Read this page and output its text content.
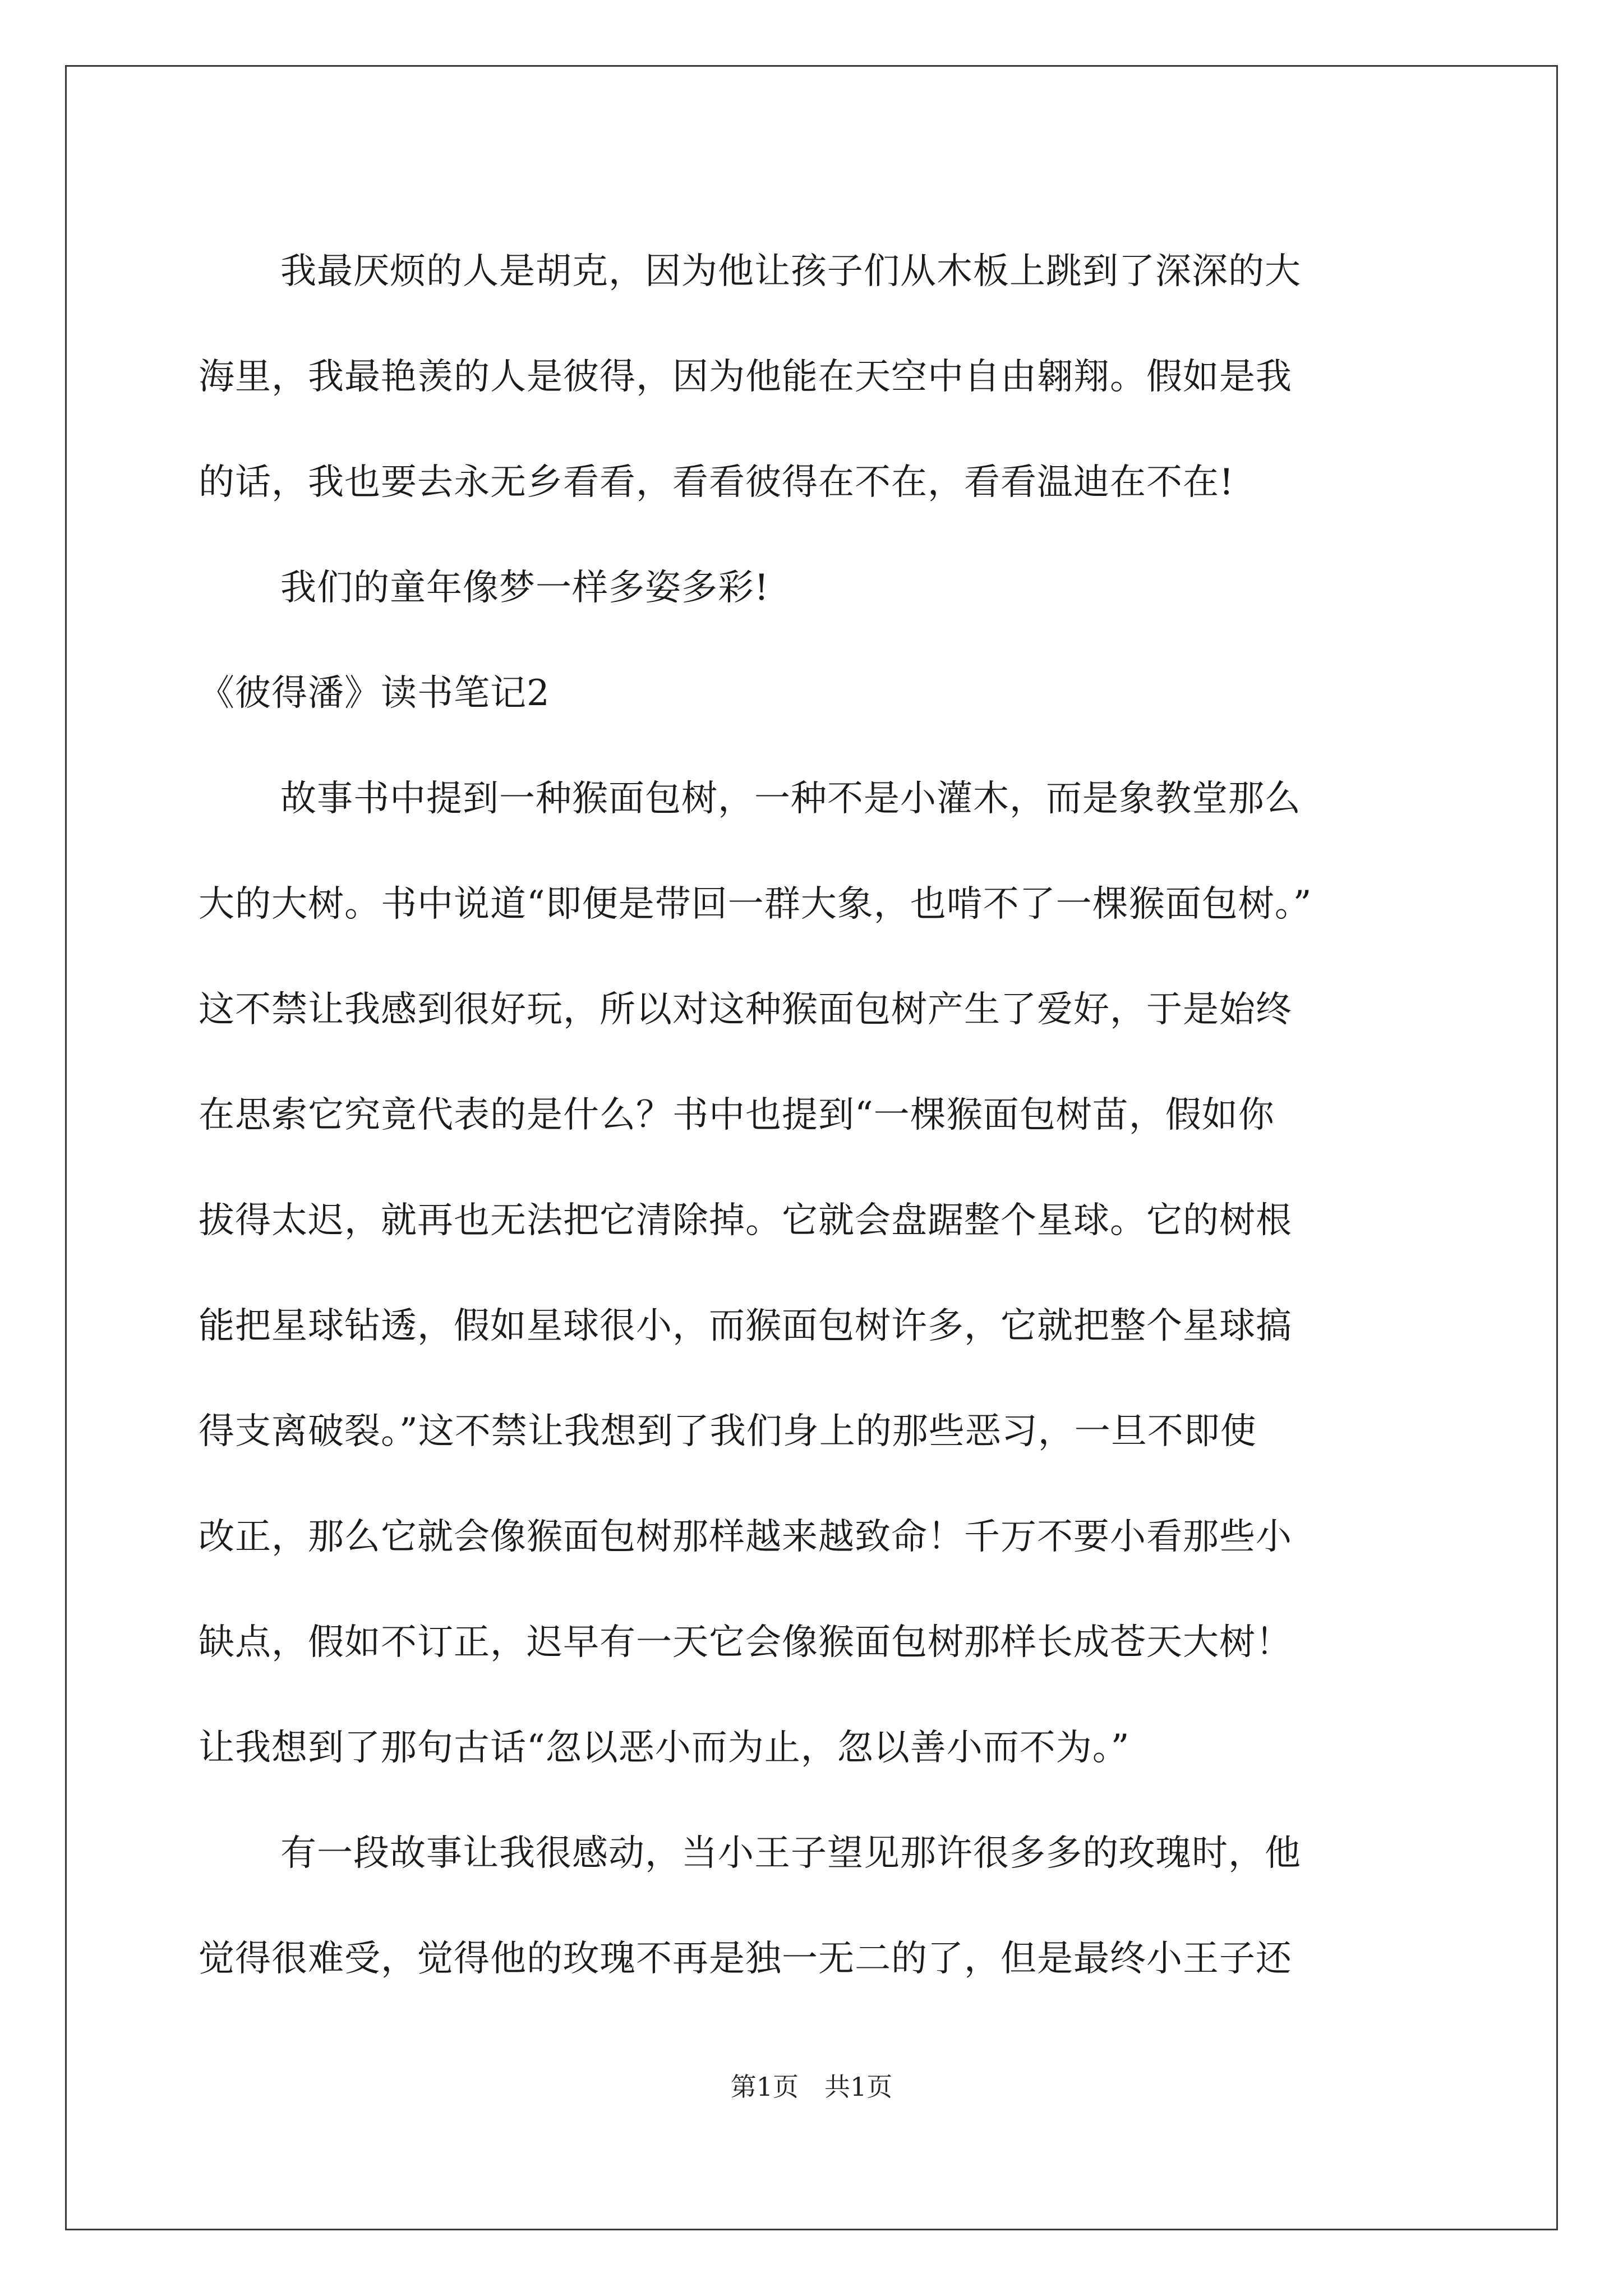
我最厌烦的人是胡克，因为他让孩子们从木板上跳到了深深的大
海里，我最艳羡的人是彼得，因为他能在天空中自由翱翔。假如是我
的话，我也要去永无乡看看，看看彼得在不在，看看温迪在不在!
我们的童年像梦一样多姿多彩!
《彼得潘》读书笔记2
故事书中提到一种猴面包树，一种不是小灌木，而是象教堂那么
大的大树。书中说道“即便是带回一群大象，也啃不了一棵猴面包树。”
这不禁让我感到很好玩，所以对这种猴面包树产生了爱好，于是始终
在思索它究竟代表的是什么？书中也提到“一棵猴面包树苗，假如你
拔得太迟，就再也无法把它清除掉。它就会盘踞整个星球。它的树根
能把星球钻透，假如星球很小，而猴面包树许多，它就把整个星球搞
得支离破裂。”这不禁让我想到了我们身上的那些恶习，一旦不即使
改正，那么它就会像猴面包树那样越来越致命！千万不要小看那些小
缺点，假如不订正，迟早有一天它会像猴面包树那样长成苍天大树！
让我想到了那句古话“忽以恶小而为止，忽以善小而不为。”
有一段故事让我很感动，当小王子望见那许很多多的玫瑰时，他
觉得很难受，觉得他的玫瑰不再是独一无二的了，但是最终小王子还
第1页　共1页
